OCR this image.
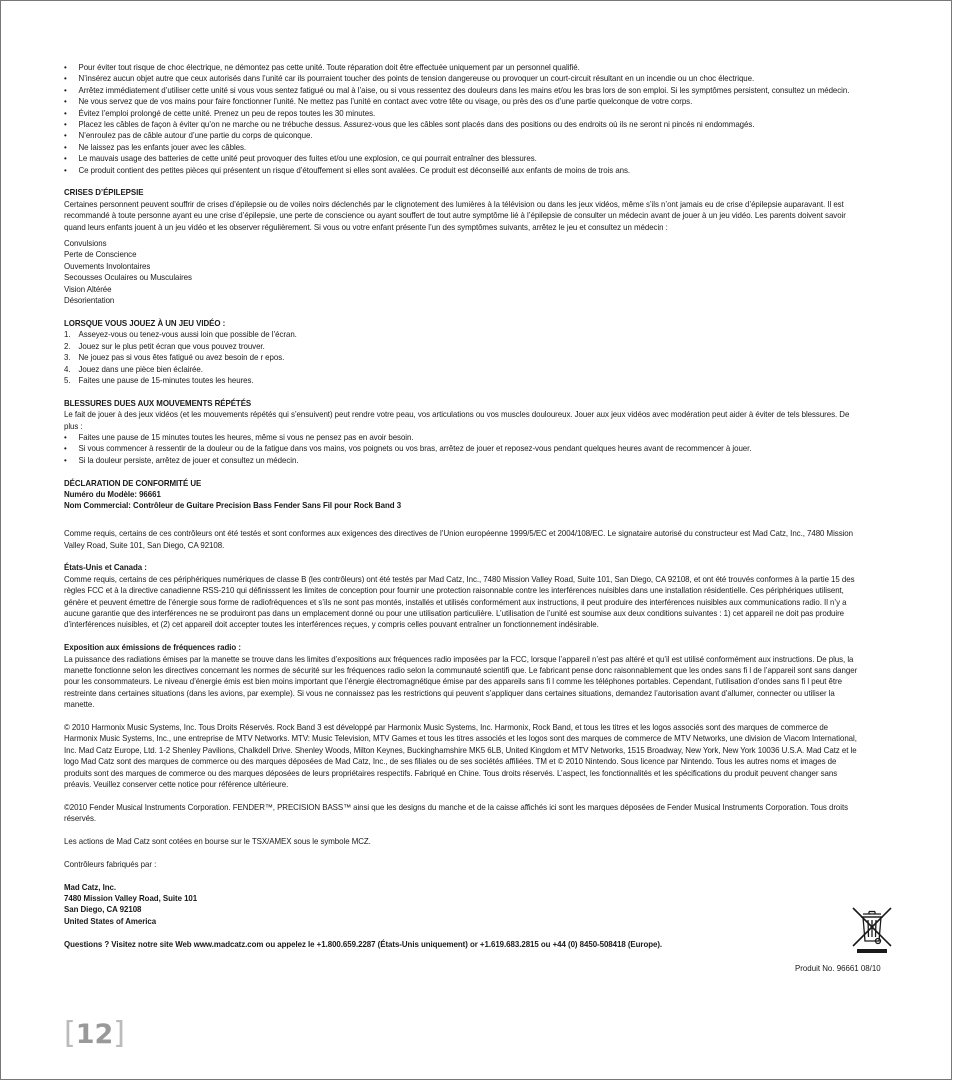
• Pour éviter tout risque de choc électrique, ne démontez pas cette unité. Toute réparation doit être effectuée uniquement par un personnel qualifié.
• N’insérez aucun objet autre que ceux autorisés dans l’unité car ils pourraient toucher des points de tension dangereuse ou provoquer un court-circuit résultant en un incendie ou un choc électrique.
• Arrêtez immédiatement d’utiliser cette unité si vous vous sentez fatigué ou mal à l’aise, ou si vous ressentez des douleurs dans les mains et/ou les bras lors de son emploi. Si les symptômes persistent, consultez un médecin.
• Ne vous servez que de vos mains pour faire fonctionner l’unité. Ne mettez pas l’unité en contact avec votre tête ou visage, ou près des os d’une partie quelconque de votre corps.
• Évitez l’emploi prolongé de cette unité. Prenez un peu de repos toutes les 30 minutes.
• Placez les câbles de façon à éviter qu’on ne marche ou ne trébuche dessus. Assurez-vous que les câbles sont placés dans des positions ou des endroits où ils ne seront ni pincés ni endommagés.
• N’enroulez pas de câble autour d’une partie du corps de quiconque.
• Ne laissez pas les enfants jouer avec les câbles.
• Le mauvais usage des batteries de cette unité peut provoquer des fuites et/ou une explosion, ce qui pourrait entraîner des blessures.
• Ce produit contient des petites pièces qui présentent un risque d’étouffement si elles sont avalées. Ce produit est déconseillé aux enfants de moins de trois ans.

CRISES D’ÉPILEPSIE

Certaines personnent peuvent souffrir de crises d’épilepsie ou de voiles noirs déclenchés par le clignotement des lumières à la télévision ou dans les jeux vidéos, même s’ils n’ont jamais eu de crise d’épilepsie auparavant. Il est recommandé à toute personne ayant eu une crise d’épilepsie, une perte de conscience ou ayant souffert de tout autre symptôme lié à l’épilepsie de consulter un médecin avant de jouer à un jeu vidéo. Les parents doivent savoir quand leurs enfants jouent à un jeu vidéo et les observer régulièrement. Si vous ou votre enfant présente l’un des symptômes suivants, arrêtez le jeu et consultez un médecin :

Convulsions
Perte de Conscience
Ouvements Involontaires
Secousses Oculaires ou Musculaires
Vision Altérée
Désorientation

LORSQUE VOUS JOUEZ À UN JEU VIDÉO :

1. Asseyez-vous ou tenez-vous aussi loin que possible de l’écran.
2. Jouez sur le plus petit écran que vous pouvez trouver.
3. Ne jouez pas si vous êtes fatigué ou avez besoin de r epos.
4. Jouez dans une pièce bien éclairée.
5. Faites une pause de 15-minutes toutes les heures.

BLESSURES DUES AUX MOUVEMENTS RÉPÉTÉS

Le fait de jouer à des jeux vidéos (et les mouvements répétés qui s’ensuivent) peut rendre votre peau, vos articulations ou vos muscles douloureux. Jouer aux jeux vidéos avec modération peut aider à éviter de tels blessures. De plus :

• Faites une pause de 15 minutes toutes les heures, même si vous ne pensez pas en avoir besoin.
• Si vous commencer à ressentir de la douleur ou de la fatigue dans vos mains, vos poignets ou vos bras, arrêtez de jouer et reposez-vous pendant quelques heures avant de recommencer à jouer.
• Si la douleur persiste, arrêtez de jouer et consultez un médecin.

DÉCLARATION DE CONFORMITÉ UE

Numéro du Modèle: 96661

Nom Commercial: Contrôleur de Guitare Precision Bass Fender Sans Fil pour Rock Band 3

Comme requis, certains de ces contrôleurs ont été testés et sont conformes aux exigences des directives de l’Union européenne 1999/5/EC et 2004/108/EC. Le signataire autorisé du constructeur est Mad Catz, Inc., 7480 Mission Valley Road, Suite 101, San Diego, CA 92108.

États-Unis et Canada :

Comme requis, certains de ces périphériques numériques de classe B (les contrôleurs) ont été testés par Mad Catz, Inc., 7480 Mission Valley Road, Suite 101, San Diego, CA 92108, et ont été trouvés conformes à la partie 15 des règles FCC et à la directive canadienne RSS-210 qui définisssent les limites de conception pour fournir une protection raisonnable contre les interférences nuisibles dans une installation résidentielle. Ces périphériques utilisent, génère et peuvent émettre de l’énergie sous forme de radiofréquences et s’ils ne sont pas montés, installés et utilisés conformément aux instructions, il peut produire des interférences nuisibles aux communications radio. Il n’y a aucune garantie que des interférences ne se produiront pas dans un emplacement donné ou pour une utilisation particulière. L’utilisation de l’unité est soumise aux deux conditions suivantes : 1) cet appareil ne doit pas produire d’interférences nuisibles, et (2) cet appareil doit accepter toutes les interférences reçues, y compris celles pouvant entraîner un fonctionnement indésirable.

Exposition aux émissions de fréquences radio :

La puissance des radiations émises par la manette se trouve dans les limites d’expositions aux fréquences radio imposées par la FCC, lorsque l’appareil n’est pas altéré et qu’il est utilisé conformément aux instructions. De plus, la manette fonctionne selon les directives concernant les normes de sécurité sur les fréquences radio selon la communauté scientifi que. Le fabricant pense donc raisonnablement que les ondes sans fi l de l’appareil sont sans danger pour les consommateurs. Le niveau d’énergie émis est bien moins important que l’énergie électromagnétique émise par des appareils sans fi l comme les téléphones portables. Cependant, l’utilisation d’ondes sans fi l peut être restreinte dans certaines situations (dans les avions, par exemple). Si vous ne connaissez pas les restrictions qui peuvent s’appliquer dans certaines situations, demandez l’autorisation avant d’allumer, connecter ou utiliser la manette.

© 2010 Harmonix Music Systems, Inc. Tous Droits Réservés. Rock Band 3 est développé par Harmonix Music Systems, Inc. Harmonix, Rock Band, et tous les titres et les logos associés sont des marques de commerce de Harmonix Music Systems, Inc., une entreprise de MTV Networks. MTV: Music Television, MTV Games et tous les titres associés et les logos sont des marques de commerce de MTV Networks, une division de Viacom International, Inc. Mad Catz Europe, Ltd. 1-2 Shenley Pavilions, Chalkdell Drive. Shenley Woods, Milton Keynes, Buckinghamshire MK5 6LB, United Kingdom et MTV Networks, 1515 Broadway, New York, New York 10036 U.S.A. Mad Catz et le logo Mad Catz sont des marques de commerce ou des marques déposées de Mad Catz, Inc., de ses filiales ou de ses sociétés affiliées. TM et © 2010 Nintendo. Sous licence par Nintendo. Tous les autres noms et images de produits sont des marques de commerce ou des marques déposées de leurs propriétaires respectifs. Fabriqué en Chine. Tous droits réservés. L’aspect, les fonctionnalités et les spécifications du produit peuvent changer sans préavis. Veuillez conserver cette notice pour référence ultérieure.

©2010 Fender Musical Instruments Corporation. FENDER™, PRECISION BASS™ ainsi que les designs du manche et de la caisse affichés ici sont les marques déposées de Fender Musical Instruments Corporation. Tous droits réservés.

Les actions de Mad Catz sont cotées en bourse sur le TSX/AMEX sous le symbole MCZ.

Contrôleurs fabriqués par :

Mad Catz, Inc.
7480 Mission Valley Road, Suite 101
San Diego, CA 92108
United States of America

Questions ? Visitez notre site Web www.madcatz.com ou appelez le +1.800.659.2287 (États-Unis uniquement) or +1.619.683.2815 ou +44 (0) 8450-508418 (Europe).

Produit No. 96661 08/10
[12]
